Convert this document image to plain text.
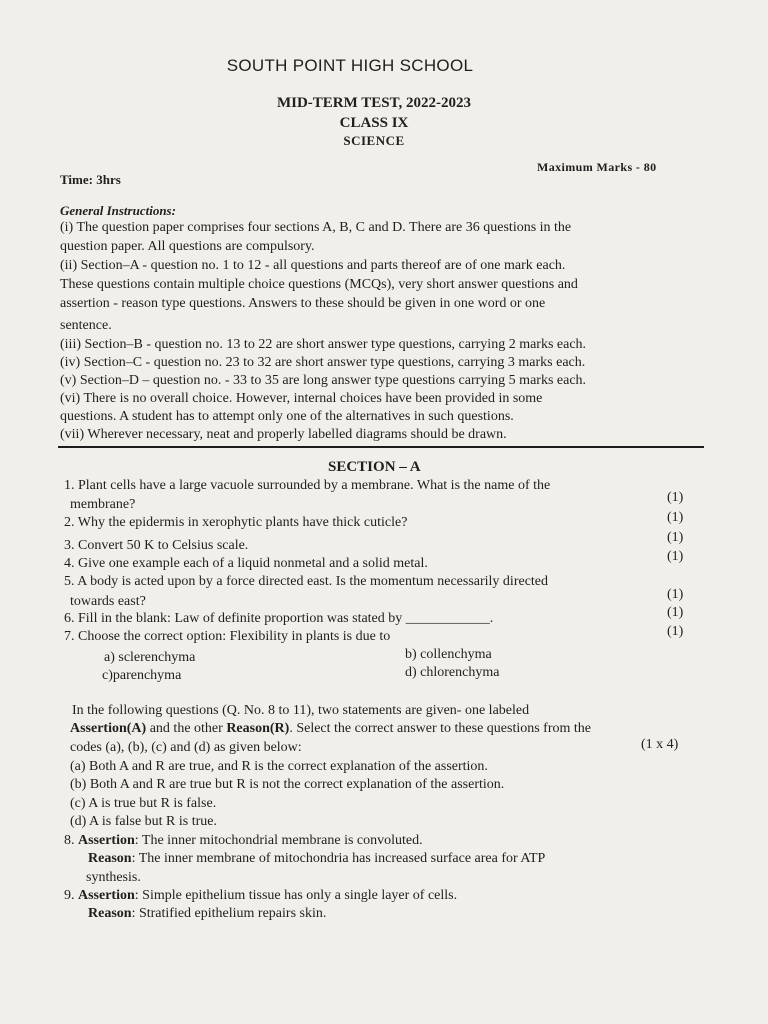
SOUTH POINT HIGH SCHOOL
MID-TERM TEST, 2022-2023
CLASS IX
SCIENCE
Maximum Marks - 80
Time: 3hrs
General Instructions:
(i) The question paper comprises four sections A, B, C and D. There are 36 questions in the
question paper. All questions are compulsory.
(ii) Section–A - question no. 1 to 12 - all questions and parts thereof are of one mark each.
These questions contain multiple choice questions (MCQs), very short answer questions and
assertion - reason type questions. Answers to these should be given in one word or one
sentence.
(iii) Section–B - question no. 13 to 22 are short answer type questions, carrying 2 marks each.
(iv) Section–C - question no. 23 to 32 are short answer type questions, carrying 3 marks each.
(v) Section–D – question no. - 33 to 35 are long answer type questions carrying 5 marks each.
(vi) There is no overall choice. However, internal choices have been provided in some
questions. A student has to attempt only one of the alternatives in such questions.
(vii) Wherever necessary, neat and properly labelled diagrams should be drawn.
SECTION – A
1. Plant cells have a large vacuole surrounded by a membrane. What is the name of the
membrane?	(1)
2. Why the epidermis in xerophytic plants have thick cuticle?	(1)
3. Convert 50 K to Celsius scale.
(1)
4. Give one example each of a liquid nonmetal and a solid metal.	(1)
5. A body is acted upon by a force directed east. Is the momentum necessarily directed
towards east?	(1)
6. Fill in the blank: Law of definite proportion was stated by ____________.	(1)
7. Choose the correct option: Flexibility in plants is due to	(1)
a) sclerenchyma	b) collenchyma
c)parenchyma	d) chlorenchyma
In the following questions (Q. No. 8 to 11), two statements are given- one labeled
Assertion(A) and the other Reason(R). Select the correct answer to these questions from the
codes (a), (b), (c) and (d) as given below:	(1 x 4)
(a) Both A and R are true, and R is the correct explanation of the assertion.
(b) Both A and R are true but R is not the correct explanation of the assertion.
(c) A is true but R is false.
(d) A is false but R is true.
8. Assertion: The inner mitochondrial membrane is convoluted.
Reason: The inner membrane of mitochondria has increased surface area for ATP
synthesis.
9. Assertion: Simple epithelium tissue has only a single layer of cells.
Reason: Stratified epithelium repairs skin.
